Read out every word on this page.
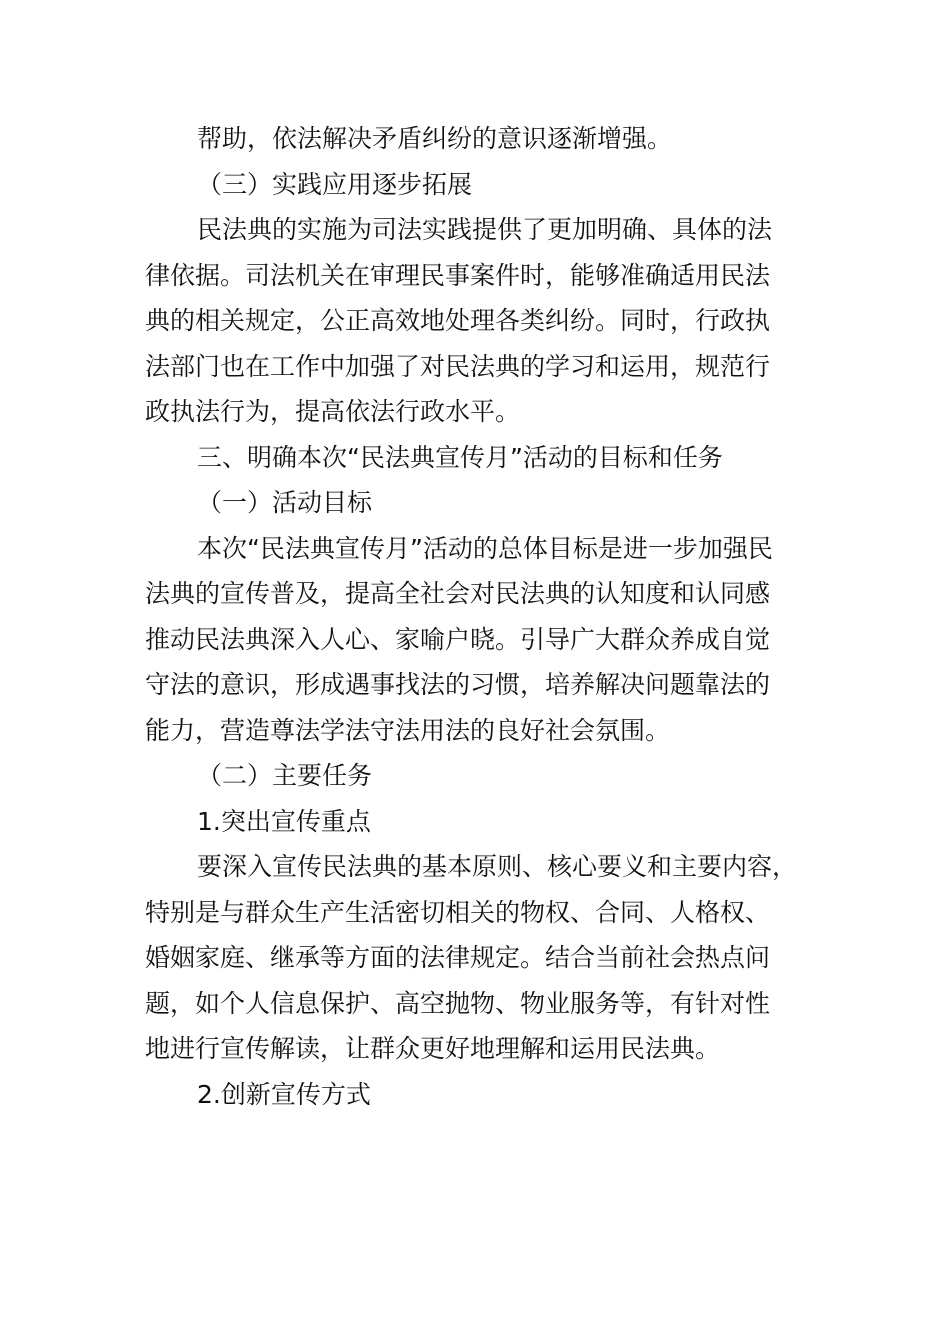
帮助，依法解决矛盾纠纷的意识逐渐增强。
（三）实践应用逐步拓展
民法典的实施为司法实践提供了更加明确、具体的法
律依据。司法机关在审理民事案件时，能够准确适用民法
典的相关规定，公正高效地处理各类纠纷。同时，行政执
法部门也在工作中加强了对民法典的学习和运用，规范行
政执法行为，提高依法行政水平。
三、明确本次“民法典宣传月”活动的目标和任务
（一）活动目标
本次“民法典宣传月”活动的总体目标是进一步加强民
法典的宣传普及，提高全社会对民法典的认知度和认同感
推动民法典深入人心、家喻户晓。引导广大群众养成自觉
守法的意识，形成遇事找法的习惯，培养解决问题靠法的
能力，营造尊法学法守法用法的良好社会氛围。
（二）主要任务
1.突出宣传重点
要深入宣传民法典的基本原则、核心要义和主要内容，
特别是与群众生产生活密切相关的物权、合同、人格权、
婚姻家庭、继承等方面的法律规定。结合当前社会热点问
题，如个人信息保护、高空抛物、物业服务等，有针对性
地进行宣传解读，让群众更好地理解和运用民法典。
2.创新宣传方式
